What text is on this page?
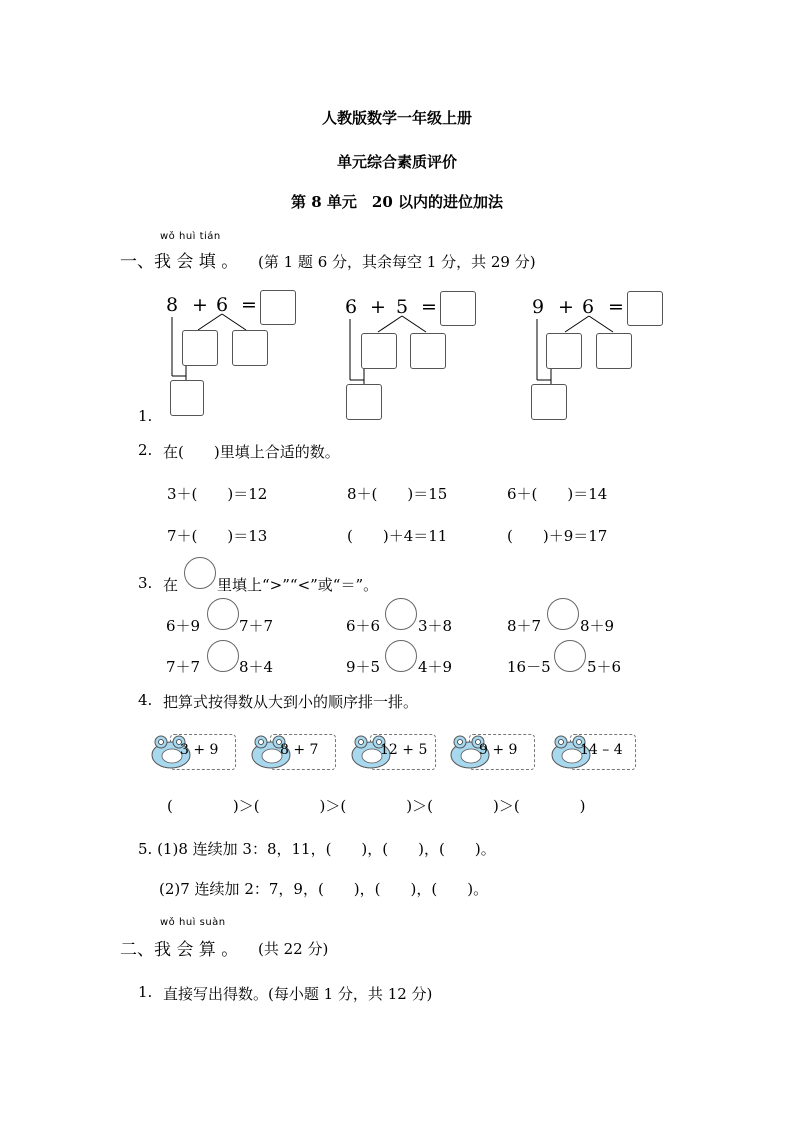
人教版数学一年级上册
单元综合素质评价
第 8 单元　20 以内的进位加法
wǒ huì tián
一、我 会 填 。 (第 1 题 6 分，其余每空 1 分，共 29 分)
1.
8 + 6 =	6 + 5 =	9 + 6 =
2. 在(　　)里填上合适的数。
3＋(　　)＝12	8＋(　　)＝15	6＋(　　)＝14
7＋(　　)＝13	(　　)＋4＝11	(　　)＋9＝17
3. 在	里填上“>”“<”或“＝”。
6＋9	7＋7	6＋6	3＋8	8＋7	8＋9
7＋7	8＋4	9＋5	4＋9	16－5 5＋6
4. 把算式按得数从大到小的顺序排一排。
3 + 9	8 + 7	12 + 5	9 + 9	14 – 4
(　　　　)＞(　　　　)＞(　　　　)＞(　　　　)＞(　　　　)
5. (1)8 连续加 3：8，11，(　　)，(　　)，(　　)。
(2)7 连续加 2：7，9，(　　)，(　　)，(　　)。
wǒ huì suàn
二、我 会 算 。 (共 22 分)
1. 直接写出得数。(每小题 1 分，共 12 分)
